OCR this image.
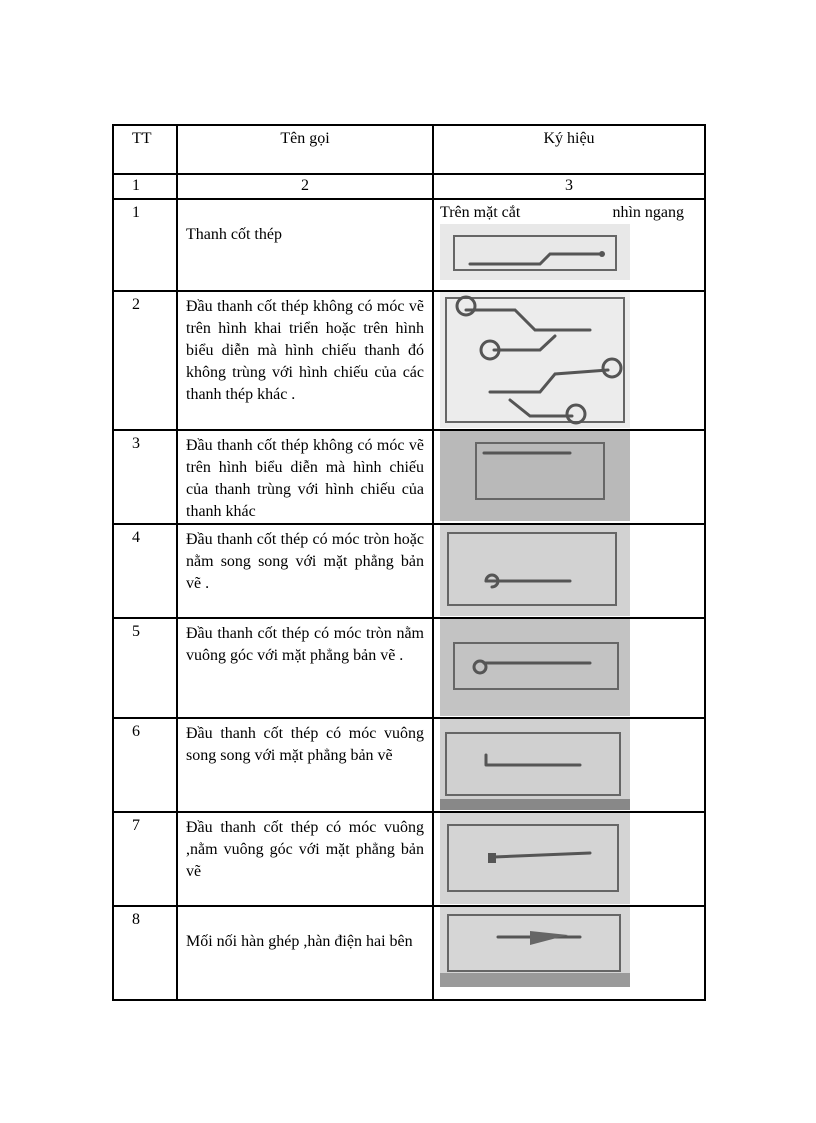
TT	Tên gọi	Ký hiệu
1	2	3
1	Thanh cốt thép	Trên mặt cắt nhìn ngang

2	Đầu thanh cốt thép không có móc vẽ trên hình khai triển hoặc trên hình biểu diễn mà hình chiếu thanh đó không trùng với hình chiếu của các thanh thép khác .	

3	Đầu thanh cốt thép không có móc vẽ trên hình biểu diễn mà hình chiếu của thanh trùng với hình chiếu của thanh khác	

4	Đầu thanh cốt thép có móc tròn hoặc nằm song song với mặt phẳng bản vẽ .	

5	Đầu thanh cốt thép có móc tròn nằm vuông góc với mặt phẳng bản vẽ .	

6	Đầu thanh cốt thép có móc vuông song song với mặt phẳng bản vẽ	

7	Đầu thanh cốt thép có móc vuông ,nằm vuông góc với mặt phẳng bản vẽ	

8	Mối nối hàn ghép ,hàn điện hai bên	
